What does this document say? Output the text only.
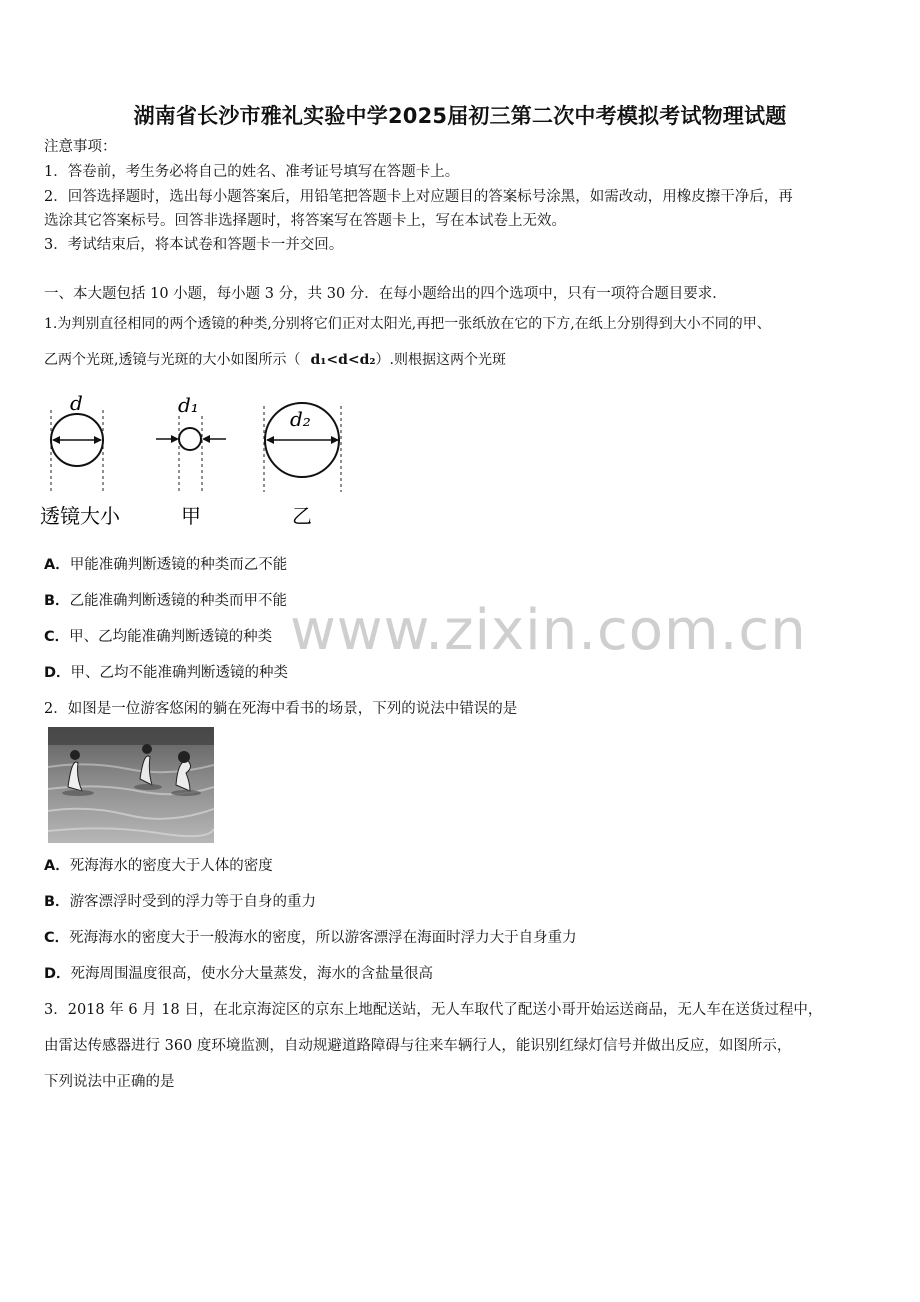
湖南省长沙市雅礼实验中学2025届初三第二次中考模拟考试物理试题
注意事项：
1．答卷前，考生务必将自己的姓名、准考证号填写在答题卡上。
2．回答选择题时，选出每小题答案后，用铅笔把答题卡上对应题目的答案标号涂黑，如需改动，用橡皮擦干净后，再
选涂其它答案标号。回答非选择题时，将答案写在答题卡上，写在本试卷上无效。
3．考试结束后，将本试卷和答题卡一并交回。
一、本大题包括 10 小题，每小题 3 分，共 30 分．在每小题给出的四个选项中，只有一项符合题目要求．
1.为判别直径相同的两个透镜的种类,分别将它们正对太阳光,再把一张纸放在它的下方,在纸上分别得到大小不同的甲、
乙两个光斑,透镜与光斑的大小如图所示（ d₁<d<d₂）.则根据这两个光斑
d	d₁
d₂
透镜大小	甲	乙
A．甲能准确判断透镜的种类而乙不能
B．乙能准确判断透镜的种类而甲不能
C．甲、乙均能准确判断透镜的种类
D．甲、乙均不能准确判断透镜的种类
www.zixin.com.cn
2．如图是一位游客悠闲的躺在死海中看书的场景，下列的说法中错误的是
A．死海海水的密度大于人体的密度
B．游客漂浮时受到的浮力等于自身的重力
C．死海海水的密度大于一般海水的密度，所以游客漂浮在海面时浮力大于自身重力
D．死海周围温度很高，使水分大量蒸发，海水的含盐量很高
3．2018 年 6 月 18 日，在北京海淀区的京东上地配送站，无人车取代了配送小哥开始运送商品，无人车在送货过程中，
由雷达传感器进行 360 度环境监测，自动规避道路障碍与往来车辆行人，能识别红绿灯信号并做出反应，如图所示，
下列说法中正确的是
